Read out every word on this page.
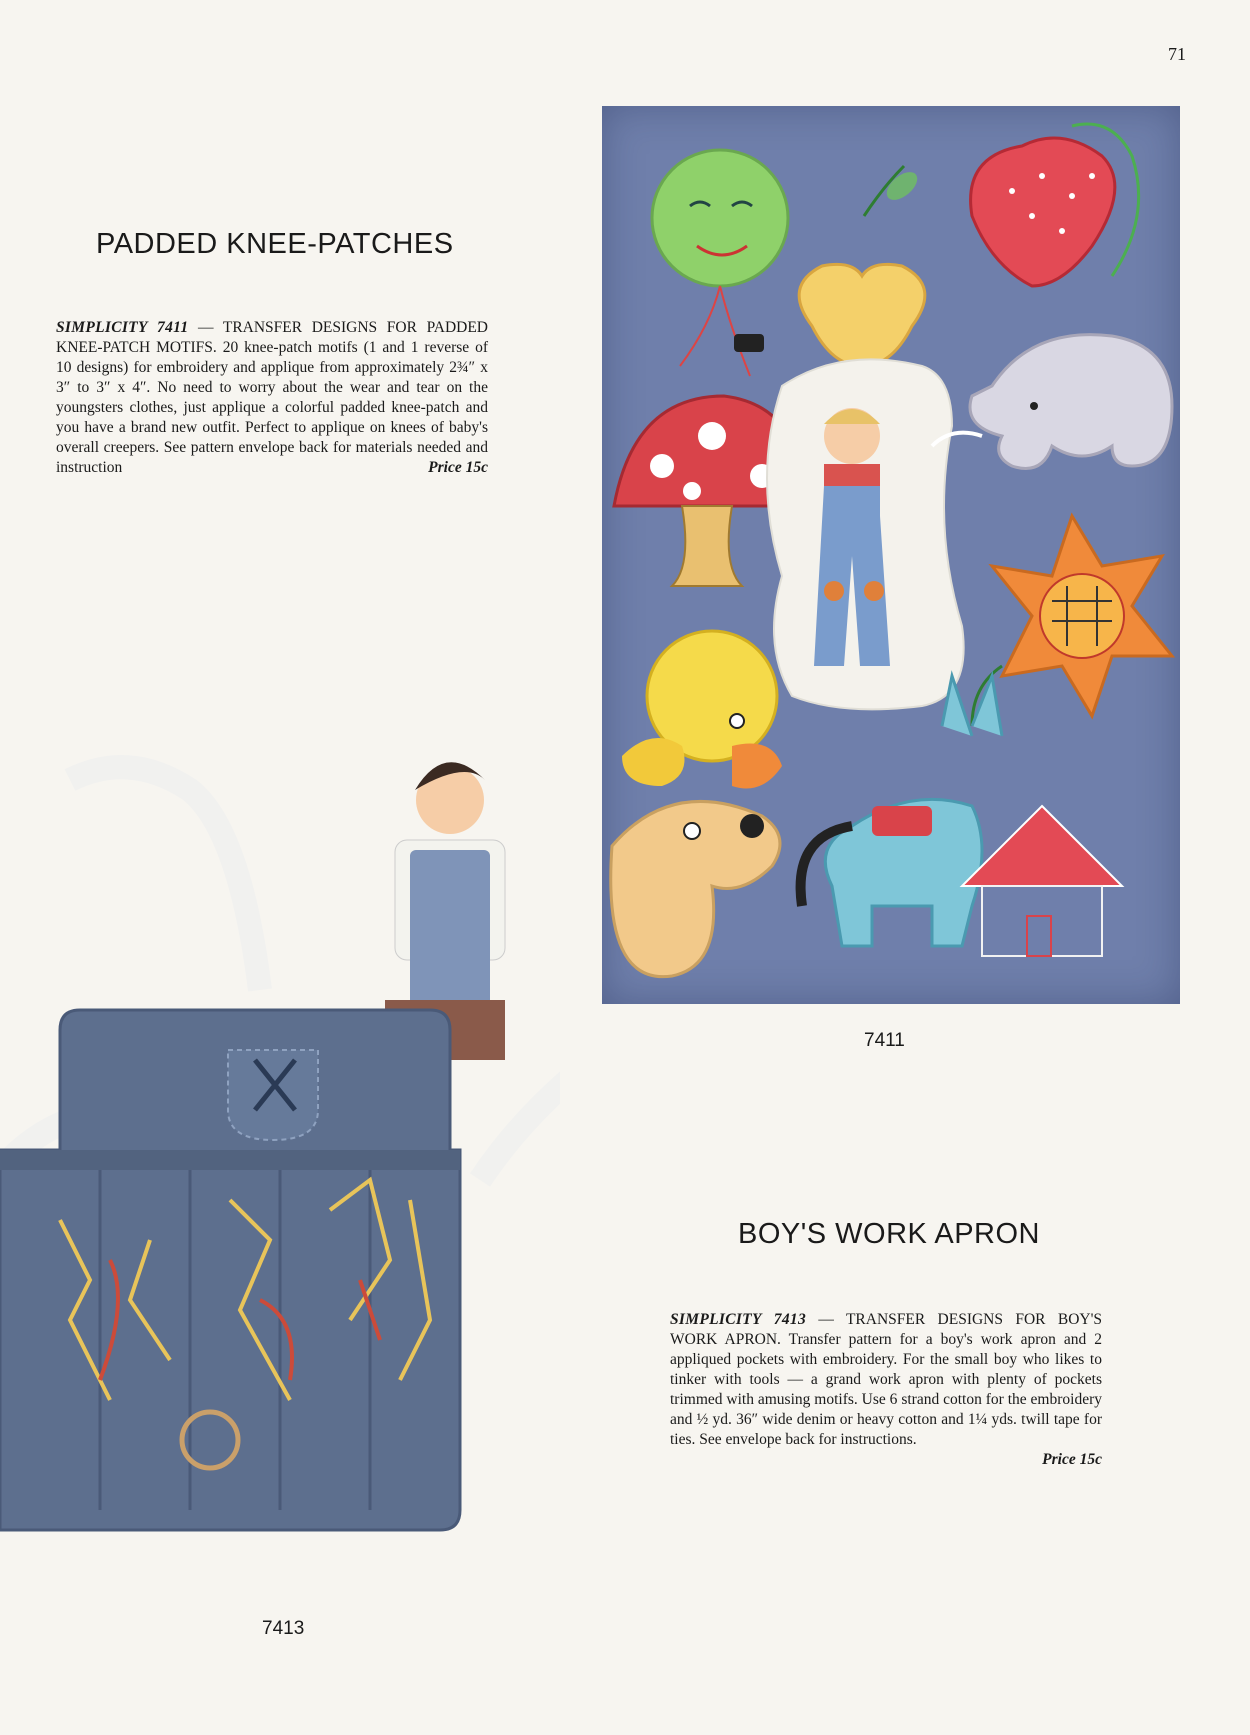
71
PADDED KNEE-PATCHES

SIMPLICITY 7411 — TRANSFER DESIGNS FOR PADDED KNEE-PATCH MOTIFS. 20 knee-patch motifs (1 and 1 reverse of 10 designs) for embroidery and applique from approximately 2¾″ x 3″ to 3″ x 4″. No need to worry about the wear and tear on the youngsters clothes, just applique a colorful padded knee-patch and you have a brand new outfit. Perfect to applique on knees of baby's overall creepers. See pattern envelope back for materials needed and instruction	Price 15c

7411
BOY'S WORK APRON
SIMPLICITY 7413 — TRANSFER DESIGNS FOR BOY'S WORK APRON. Transfer pattern for a boy's work apron and 2 appliqued pockets with embroidery. For the small boy who likes to tinker with tools — a grand work apron with plenty of pockets trimmed with amusing motifs. Use 6 strand cotton for the embroidery and ½ yd. 36″ wide denim or heavy cotton and 1¼ yds. twill tape for ties. See envelope back for instructions.
Price 15c
7413
